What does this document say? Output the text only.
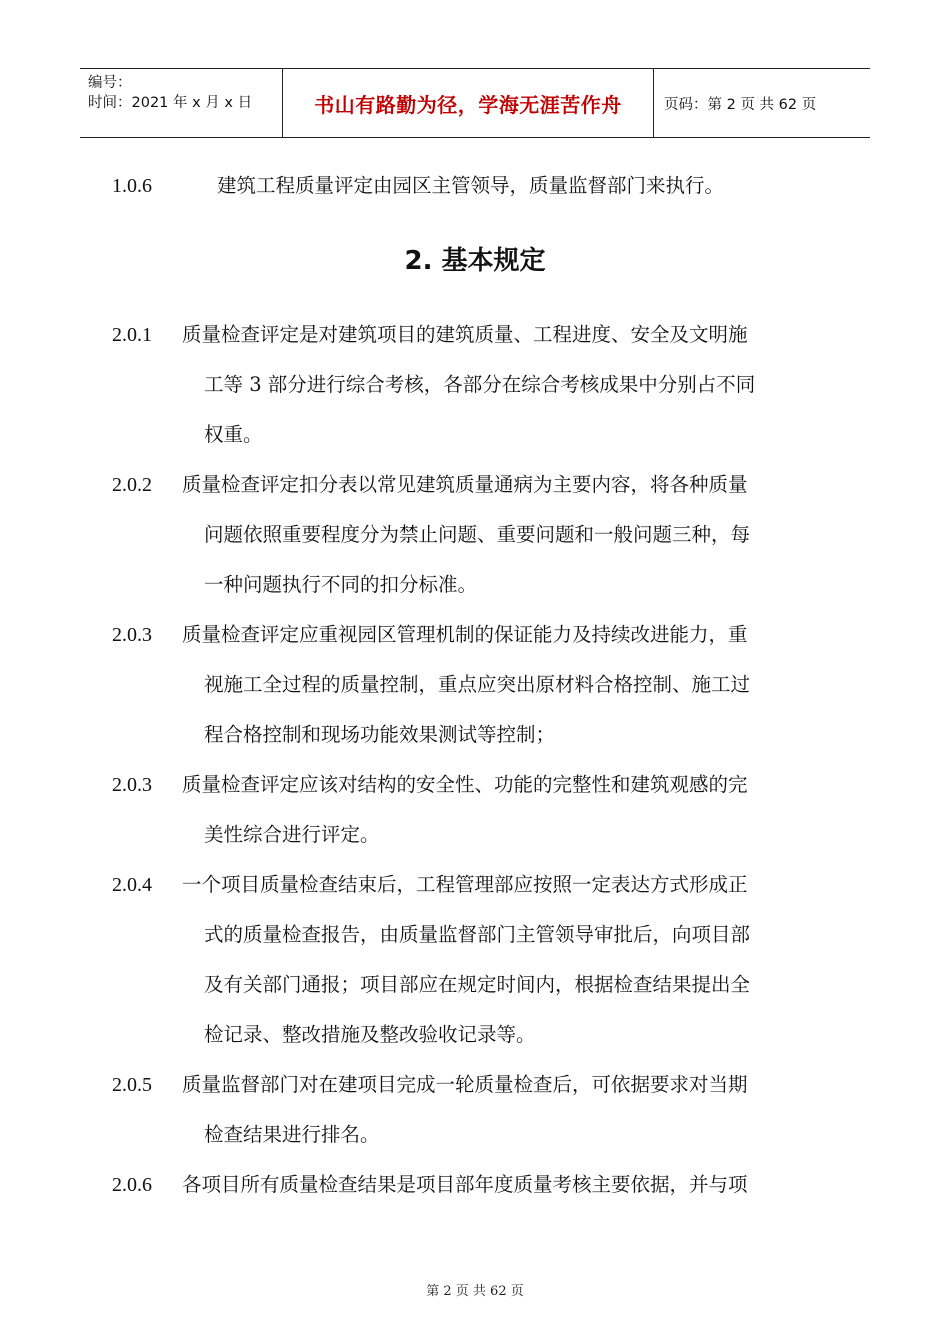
编号：
时间：2021 年 x 月 x 日	书山有路勤为径，学海无涯苦作舟	页码：第 2 页 共 62 页
1.0.6	建筑工程质量评定由园区主管领导，质量监督部门来执行。
2. 基本规定
2.0.1 质量检查评定是对建筑项目的建筑质量、工程进度、安全及文明施
工等 3 部分进行综合考核，各部分在综合考核成果中分别占不同
权重。
2.0.2 质量检查评定扣分表以常见建筑质量通病为主要内容，将各种质量
问题依照重要程度分为禁止问题、重要问题和一般问题三种，每
一种问题执行不同的扣分标准。
2.0.3 质量检查评定应重视园区管理机制的保证能力及持续改进能力，重
视施工全过程的质量控制，重点应突出原材料合格控制、施工过
程合格控制和现场功能效果测试等控制；
2.0.3 质量检查评定应该对结构的安全性、功能的完整性和建筑观感的完
美性综合进行评定。
2.0.4 一个项目质量检查结束后，工程管理部应按照一定表达方式形成正
式的质量检查报告，由质量监督部门主管领导审批后，向项目部
及有关部门通报；项目部应在规定时间内，根据检查结果提出全
检记录、整改措施及整改验收记录等。
2.0.5 质量监督部门对在建项目完成一轮质量检查后，可依据要求对当期
检查结果进行排名。
2.0.6 各项目所有质量检查结果是项目部年度质量考核主要依据，并与项
第 2 页 共 62 页
